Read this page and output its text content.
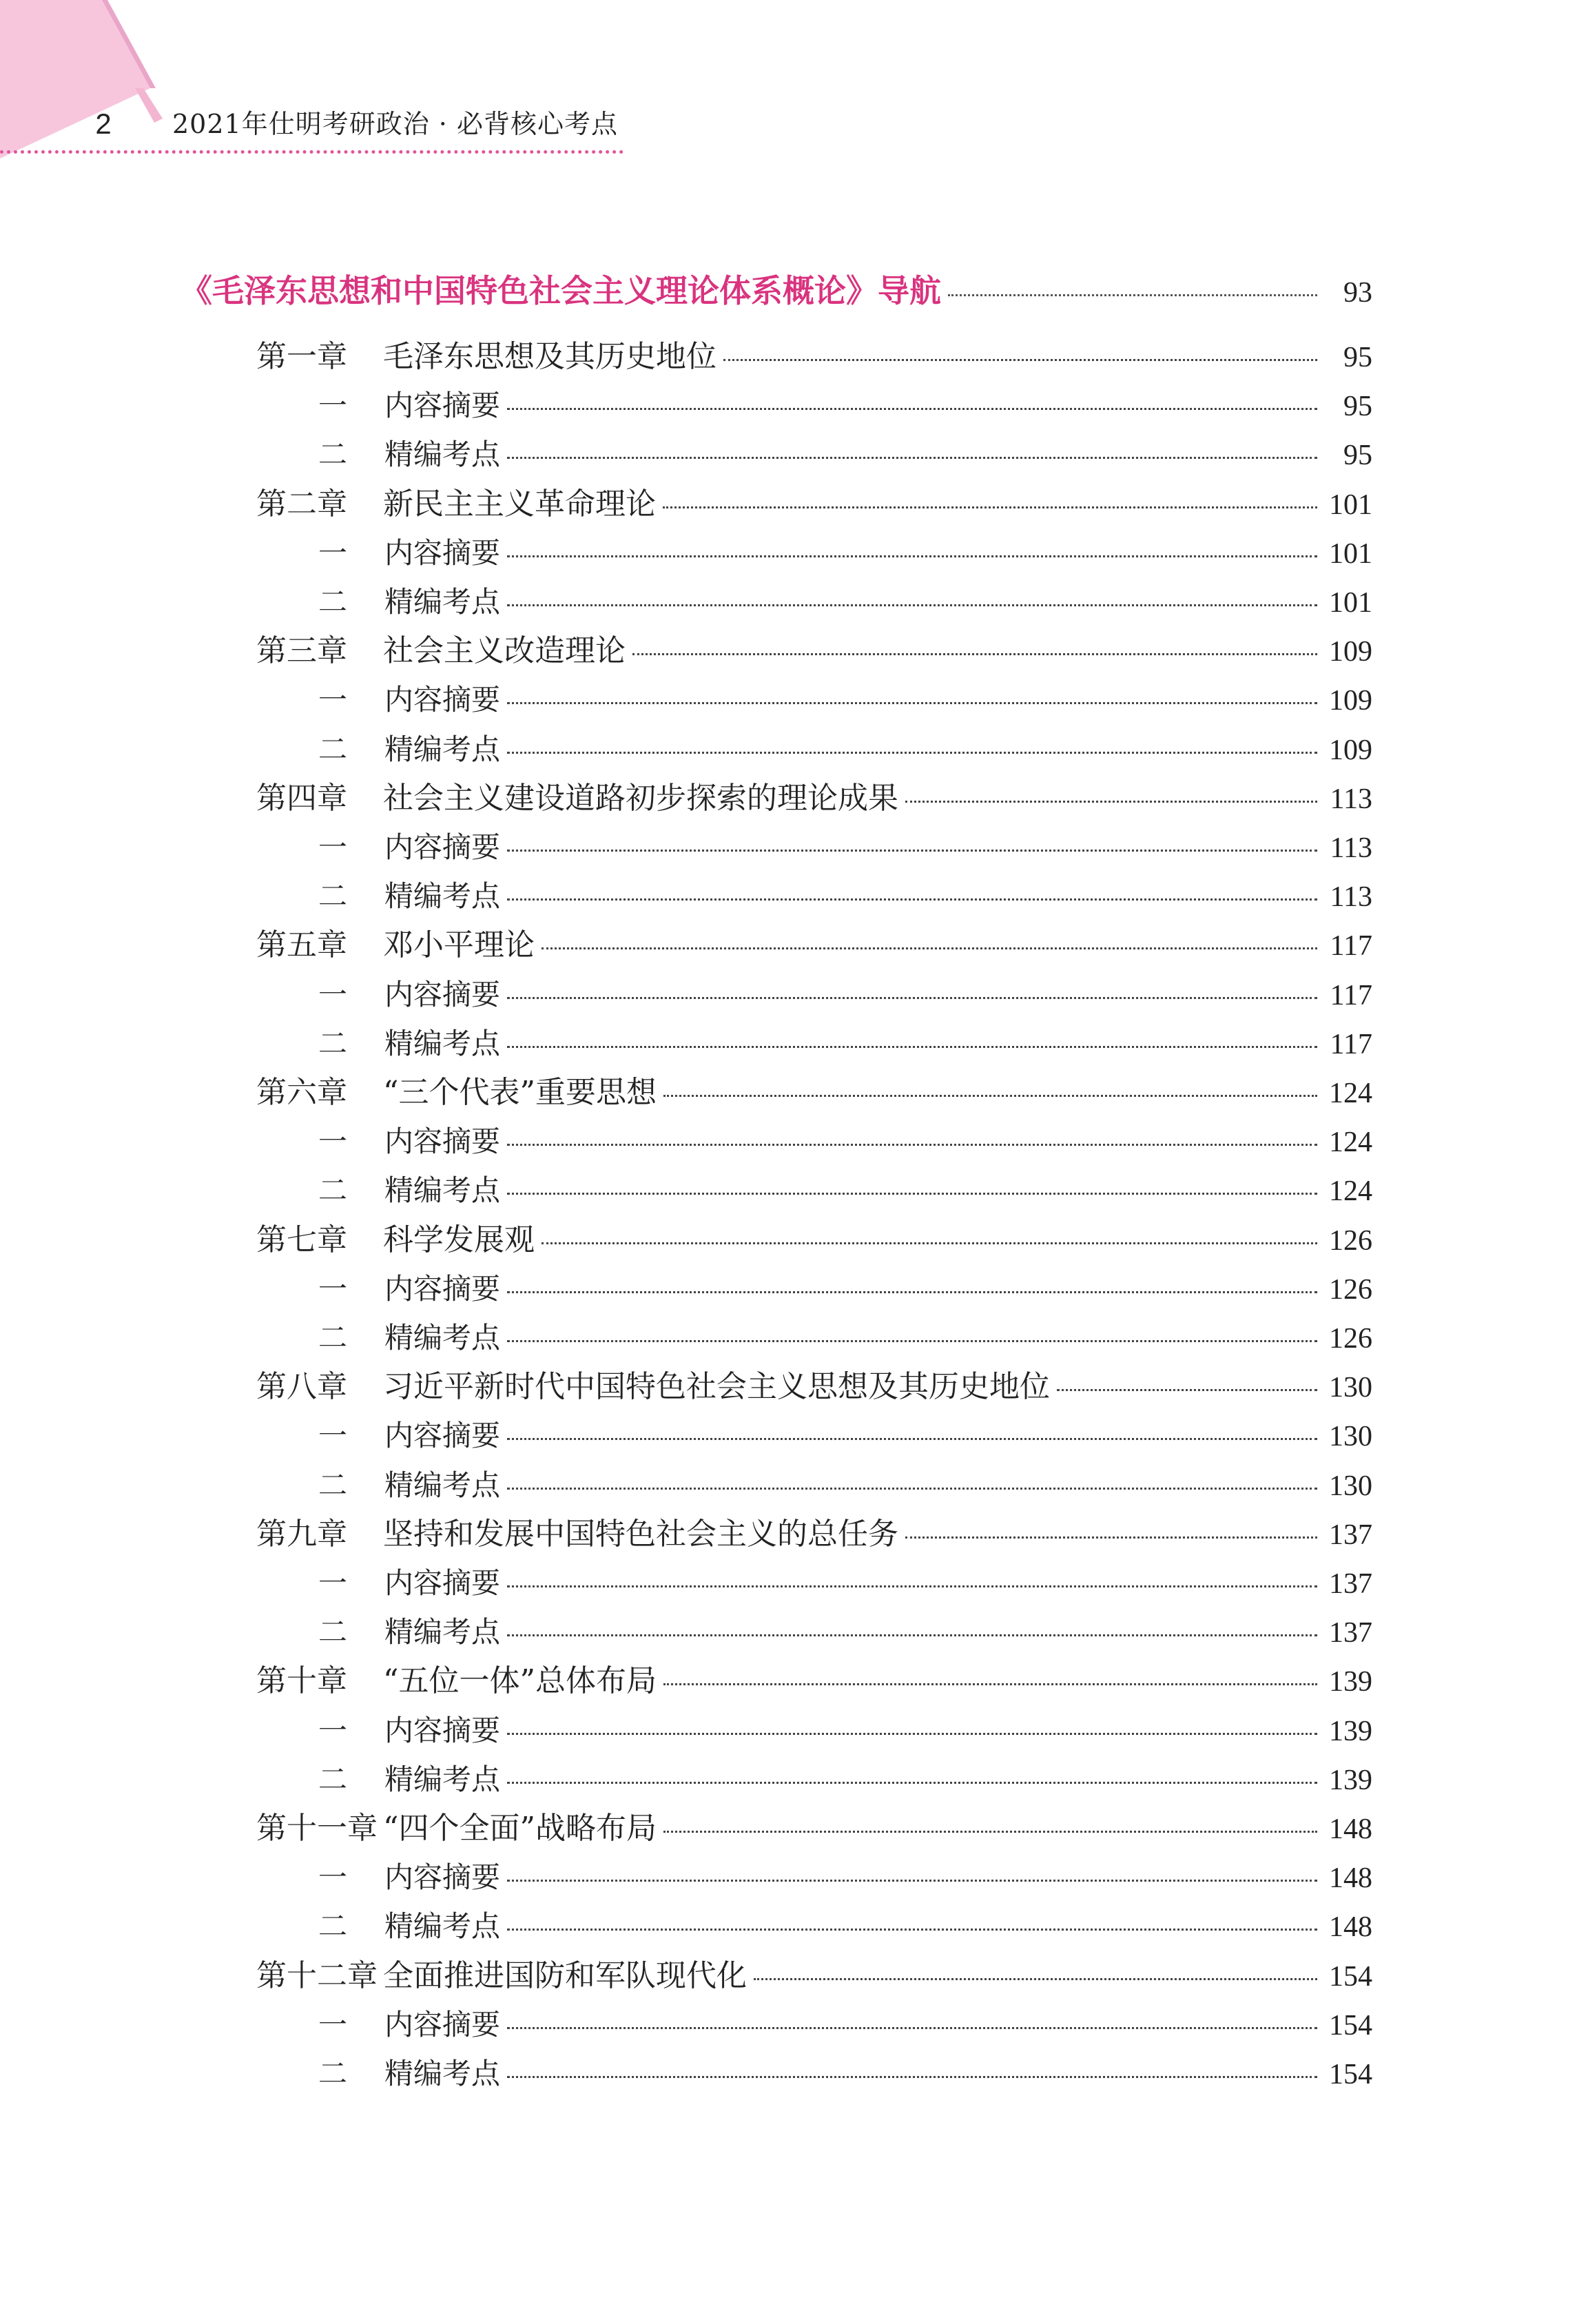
2	2021年仕明考研政治 · 必背核心考点
《毛泽东思想和中国特色社会主义理论体系概论》导航	93
第一章	毛泽东思想及其历史地位	95
一	内容摘要	95
二	精编考点	95
第二章	新民主主义革命理论	101
一	内容摘要	101
二	精编考点	101
第三章	社会主义改造理论	109
一	内容摘要	109
二	精编考点	109
第四章	社会主义建设道路初步探索的理论成果	113
一	内容摘要	113
二	精编考点	113
第五章	邓小平理论	117
一	内容摘要	117
二	精编考点	117
第六章	“三个代表”重要思想	124
一	内容摘要	124
二	精编考点	124
第七章	科学发展观	126
一	内容摘要	126
二	精编考点	126
第八章	习近平新时代中国特色社会主义思想及其历史地位	130
一	内容摘要	130
二	精编考点	130
第九章	坚持和发展中国特色社会主义的总任务	137
一	内容摘要	137
二	精编考点	137
第十章	“五位一体”总体布局	139
一	内容摘要	139
二	精编考点	139
第十一章 “四个全面”战略布局	148
一	内容摘要	148
二	精编考点	148
第十二章 全面推进国防和军队现代化	154
一	内容摘要	154
二	精编考点	154
